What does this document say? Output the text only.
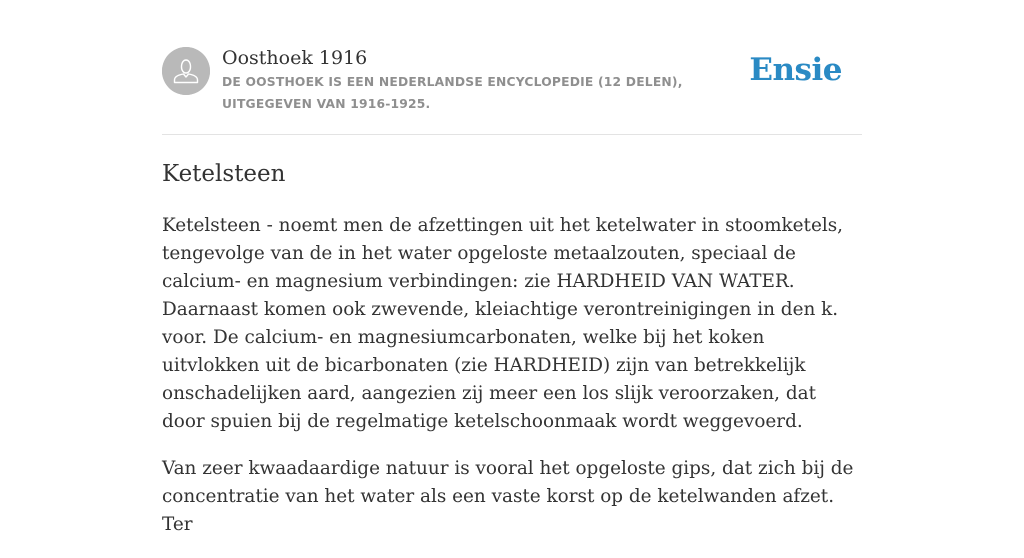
Oosthoek 1916
DE OOSTHOEK IS EEN NEDERLANDSE ENCYCLOPEDIE (12 DELEN), UITGEGEVEN VAN 1916-1925.
Ensie
Ketelsteen

Ketelsteen - noemt men de afzettingen uit het ketelwater in stoomketels, tengevolge van de in het water opgeloste metaalzouten, speciaal de calcium- en magnesium verbindingen: zie HARDHEID VAN WATER. Daarnaast komen ook zwevende, kleiachtige verontreinigingen in den k. voor. De calcium- en magnesiumcarbonaten, welke bij het koken uitvlokken uit de bicarbonaten (zie HARDHEID) zijn van betrekkelijk onschadelijken aard, aangezien zij meer een los slijk veroorzaken, dat door spuien bij de regelmatige ketelschoonmaak wordt weggevoerd.

Van zeer kwaadaardige natuur is vooral het opgeloste gips, dat zich bij de concentratie van het water als een vaste korst op de ketelwanden afzet. Ter
